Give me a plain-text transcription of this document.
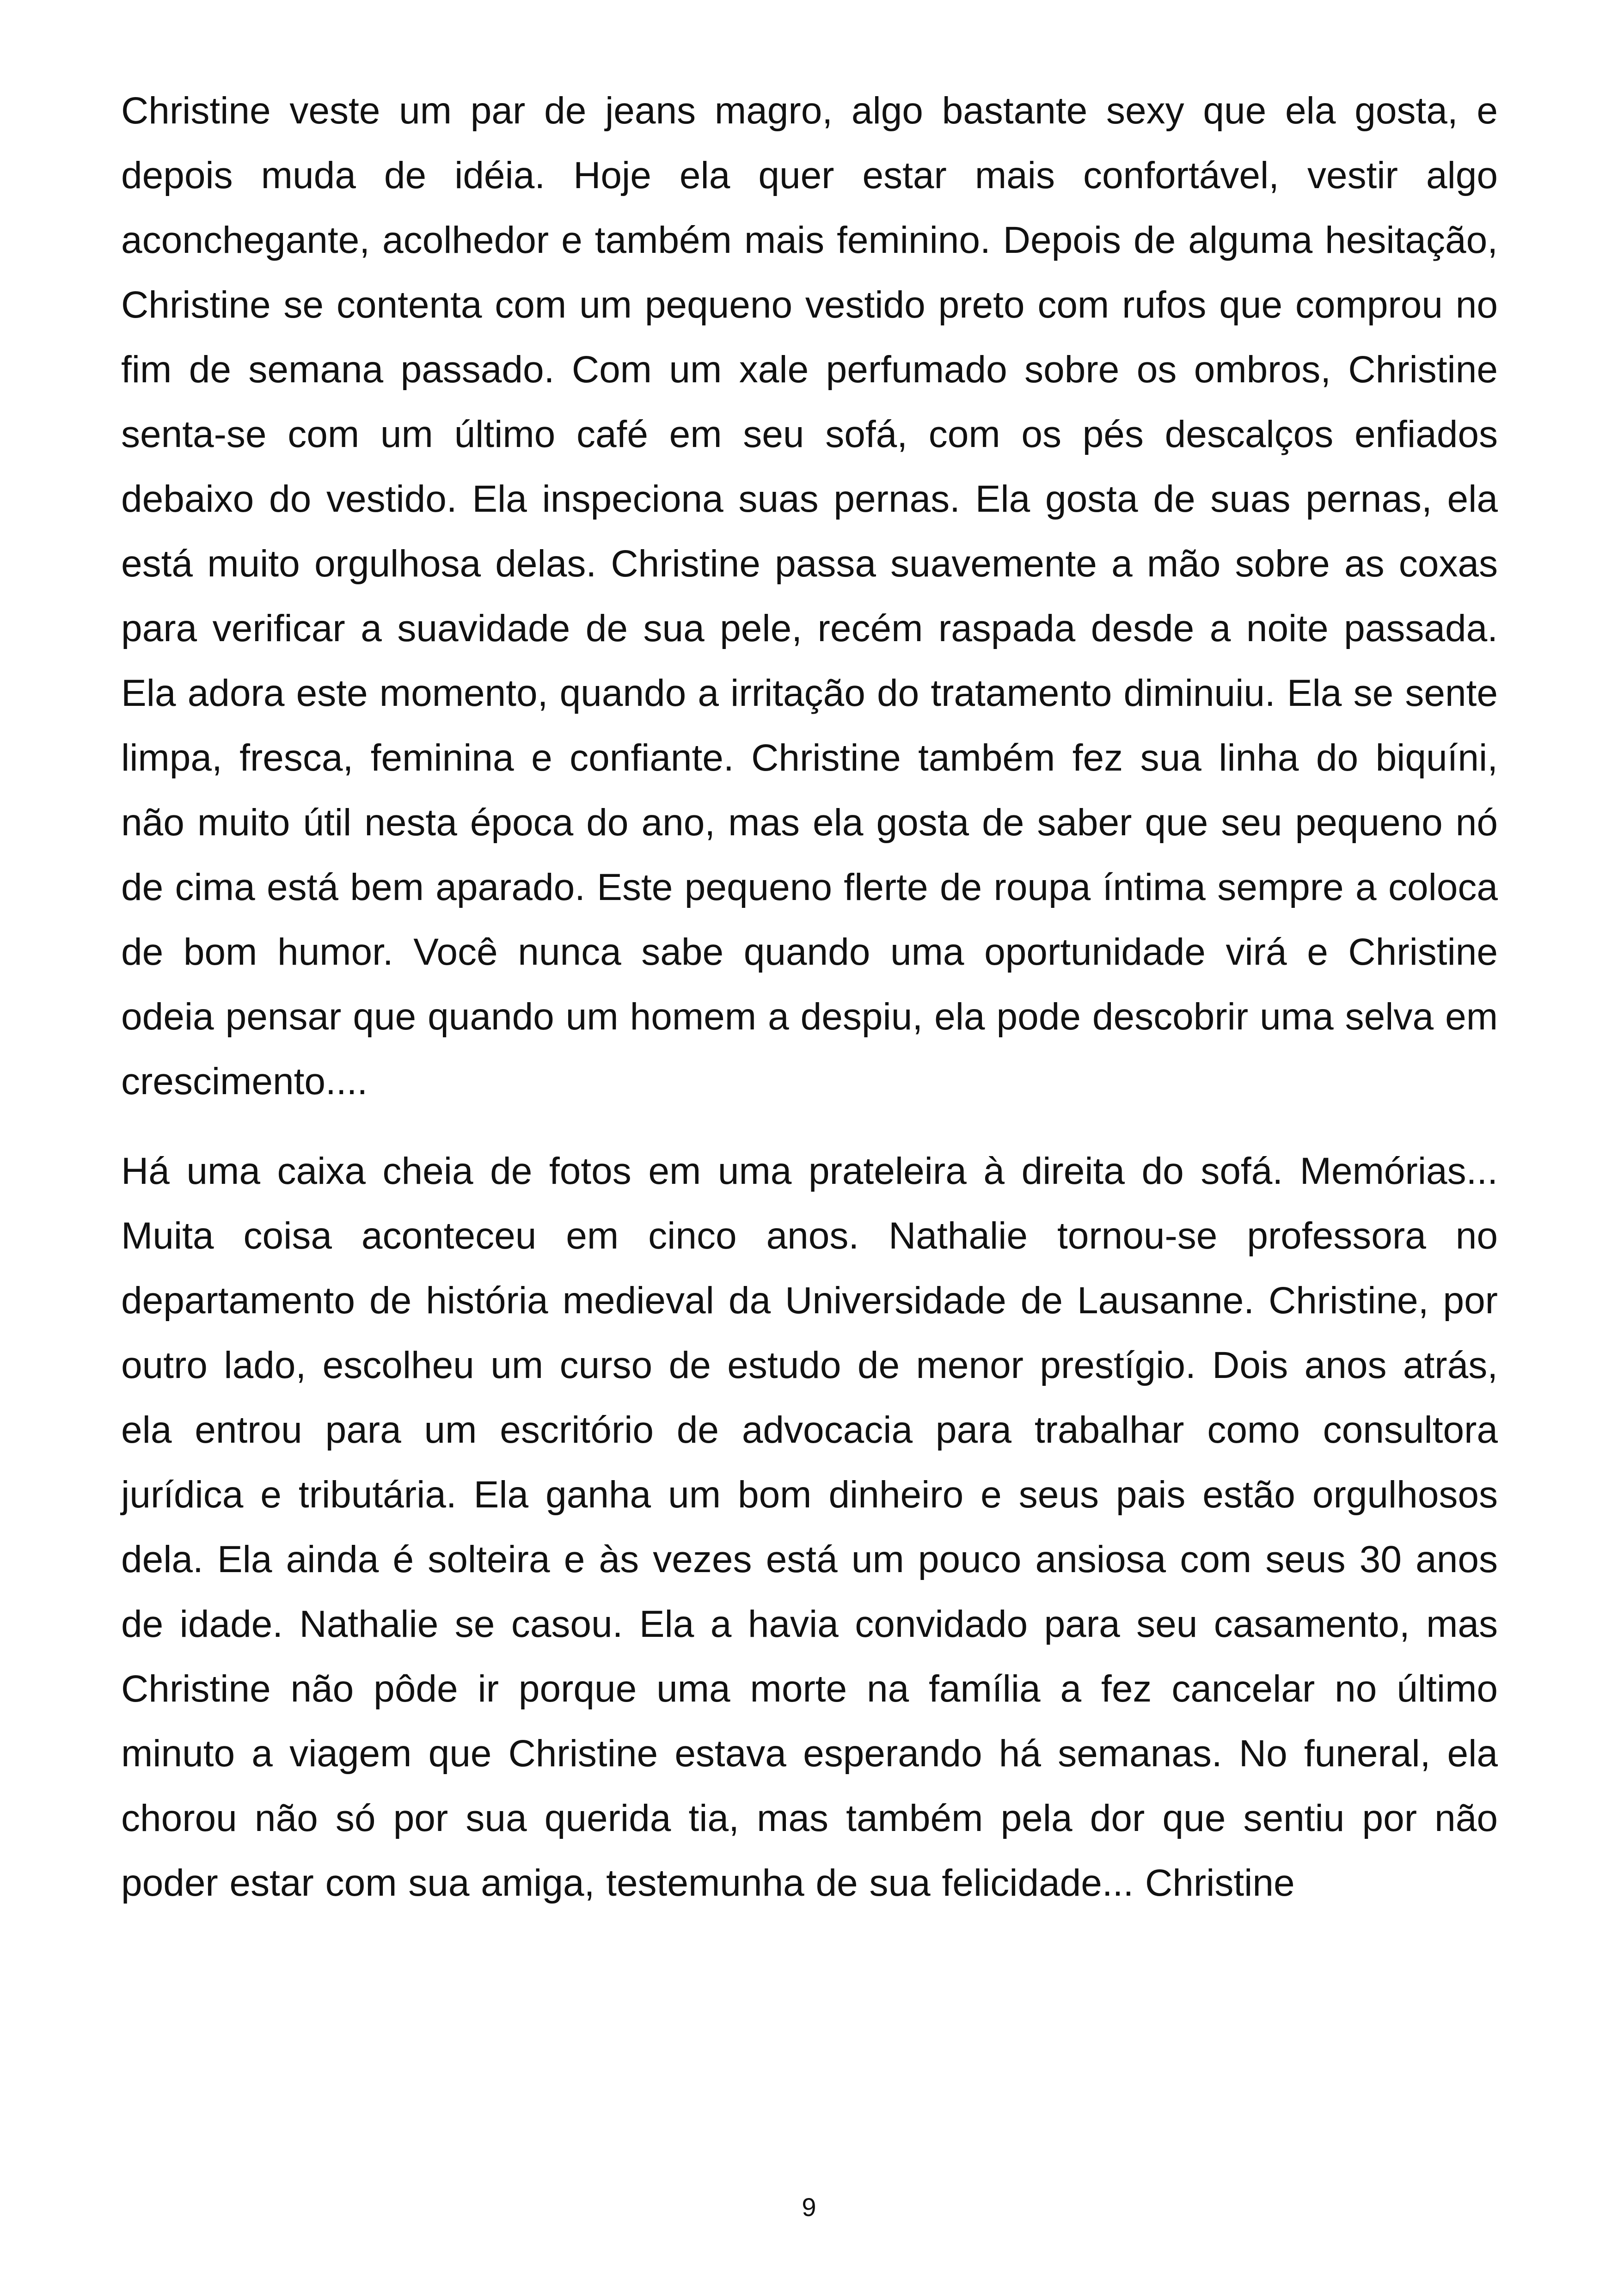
Christine veste um par de jeans magro, algo bastante sexy que ela gosta, e depois muda de idéia. Hoje ela quer estar mais confortável, vestir algo aconchegante, acolhedor e também mais feminino. Depois de alguma hesitação, Christine se contenta com um pequeno vestido preto com rufos que comprou no fim de semana passado. Com um xale perfumado sobre os ombros, Christine senta-se com um último café em seu sofá, com os pés descalços enfiados debaixo do vestido. Ela inspeciona suas pernas. Ela gosta de suas pernas, ela está muito orgulhosa delas. Christine passa suavemente a mão sobre as coxas para verificar a suavidade de sua pele, recém raspada desde a noite passada. Ela adora este momento, quando a irritação do tratamento diminuiu. Ela se sente limpa, fresca, feminina e confiante. Christine também fez sua linha do biquíni, não muito útil nesta época do ano, mas ela gosta de saber que seu pequeno nó de cima está bem aparado. Este pequeno flerte de roupa íntima sempre a coloca de bom humor. Você nunca sabe quando uma oportunidade virá e Christine odeia pensar que quando um homem a despiu, ela pode descobrir uma selva em crescimento....

Há uma caixa cheia de fotos em uma prateleira à direita do sofá. Memórias... Muita coisa aconteceu em cinco anos. Nathalie tornou-se professora no departamento de história medieval da Universidade de Lausanne. Christine, por outro lado, escolheu um curso de estudo de menor prestígio. Dois anos atrás, ela entrou para um escritório de advocacia para trabalhar como consultora jurídica e tributária. Ela ganha um bom dinheiro e seus pais estão orgulhosos dela. Ela ainda é solteira e às vezes está um pouco ansiosa com seus 30 anos de idade. Nathalie se casou. Ela a havia convidado para seu casamento, mas Christine não pôde ir porque uma morte na família a fez cancelar no último minuto a viagem que Christine estava esperando há semanas. No funeral, ela chorou não só por sua querida tia, mas também pela dor que sentiu por não poder estar com sua amiga, testemunha de sua felicidade... Christine

9
